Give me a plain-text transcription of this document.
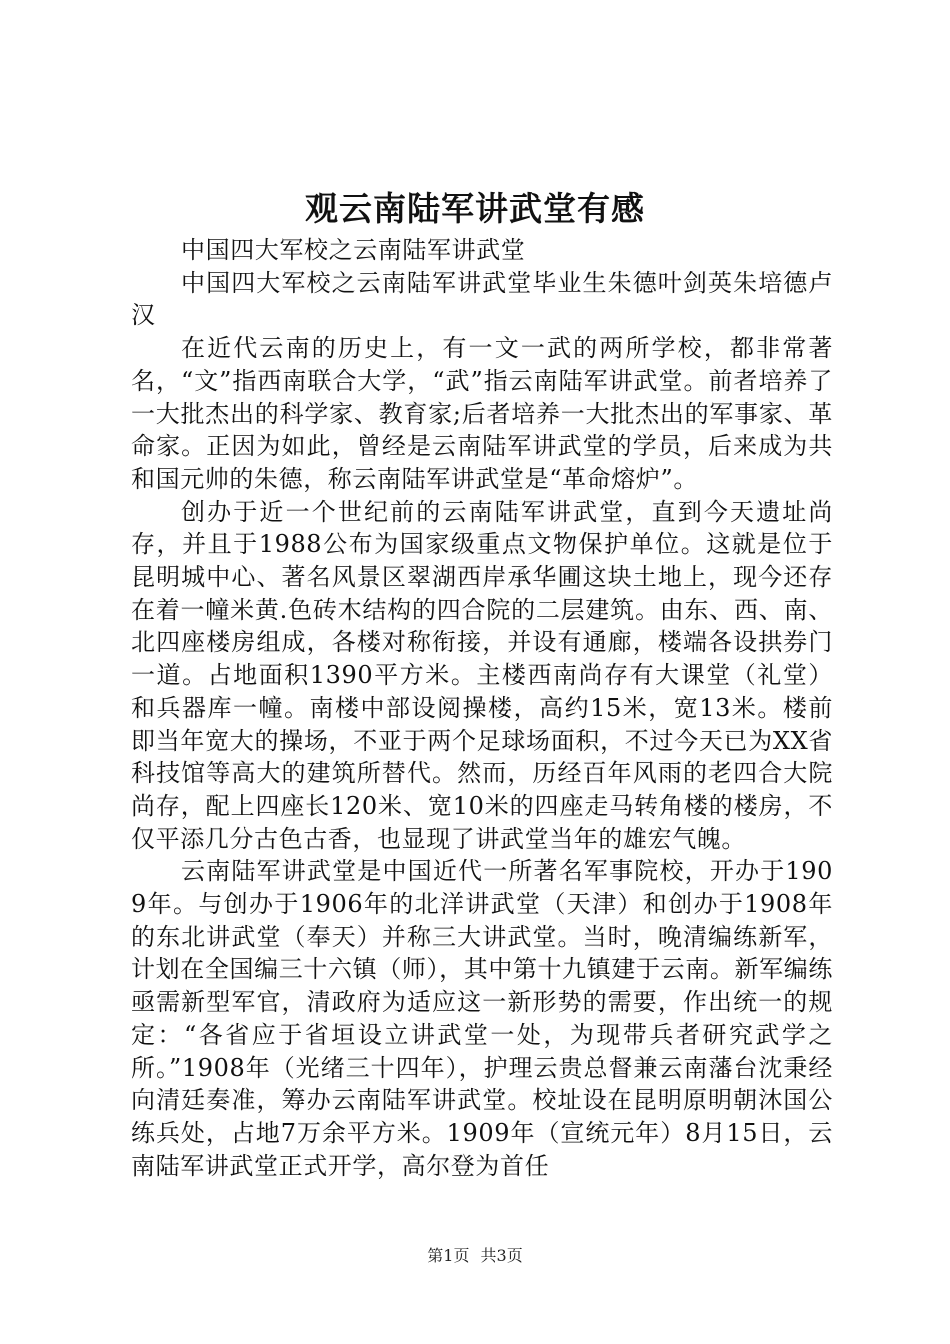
观云南陆军讲武堂有感

中国四大军校之云南陆军讲武堂

中国四大军校之云南陆军讲武堂毕业生朱德叶剑英朱培德卢汉

在近代云南的历史上，有一文一武的两所学校，都非常著名，“文”指西南联合大学，“武”指云南陆军讲武堂。前者培养了一大批杰出的科学家、教育家;后者培养一大批杰出的军事家、革命家。正因为如此，曾经是云南陆军讲武堂的学员，后来成为共和国元帅的朱德，称云南陆军讲武堂是“革命熔炉”。

创办于近一个世纪前的云南陆军讲武堂，直到今天遗址尚存，并且于1988公布为国家级重点文物保护单位。这就是位于昆明城中心、著名风景区翠湖西岸承华圃这块土地上，现今还存在着一幢米黄.色砖木结构的四合院的二层建筑。由东、西、南、北四座楼房组成，各楼对称衔接，并设有通廊，楼端各设拱券门一道。占地面积1390平方米。主楼西南尚存有大课堂（礼堂）和兵器库一幢。南楼中部设阅操楼，高约15米，宽13米。楼前即当年宽大的操场，不亚于两个足球场面积，不过今天已为XX省科技馆等高大的建筑所替代。然而，历经百年风雨的老四合大院尚存，配上四座长120米、宽10米的四座走马转角楼的楼房，不仅平添几分古色古香，也显现了讲武堂当年的雄宏气魄。

云南陆军讲武堂是中国近代一所著名军事院校，开办于1909年。与创办于1906年的北洋讲武堂（天津）和创办于1908年的东北讲武堂（奉天）并称三大讲武堂。当时，晚清编练新军，计划在全国编三十六镇（师），其中第十九镇建于云南。新军编练亟需新型军官，清政府为适应这一新形势的需要，作出统一的规定：“各省应于省垣设立讲武堂一处，为现带兵者研究武学之所。”1908年（光绪三十四年），护理云贵总督兼云南藩台沈秉经向清廷奏准，筹办云南陆军讲武堂。校址设在昆明原明朝沐国公练兵处，占地7万余平方米。1909年（宣统元年）8月15日，云南陆军讲武堂正式开学，高尔登为首任

第1页 共3页
